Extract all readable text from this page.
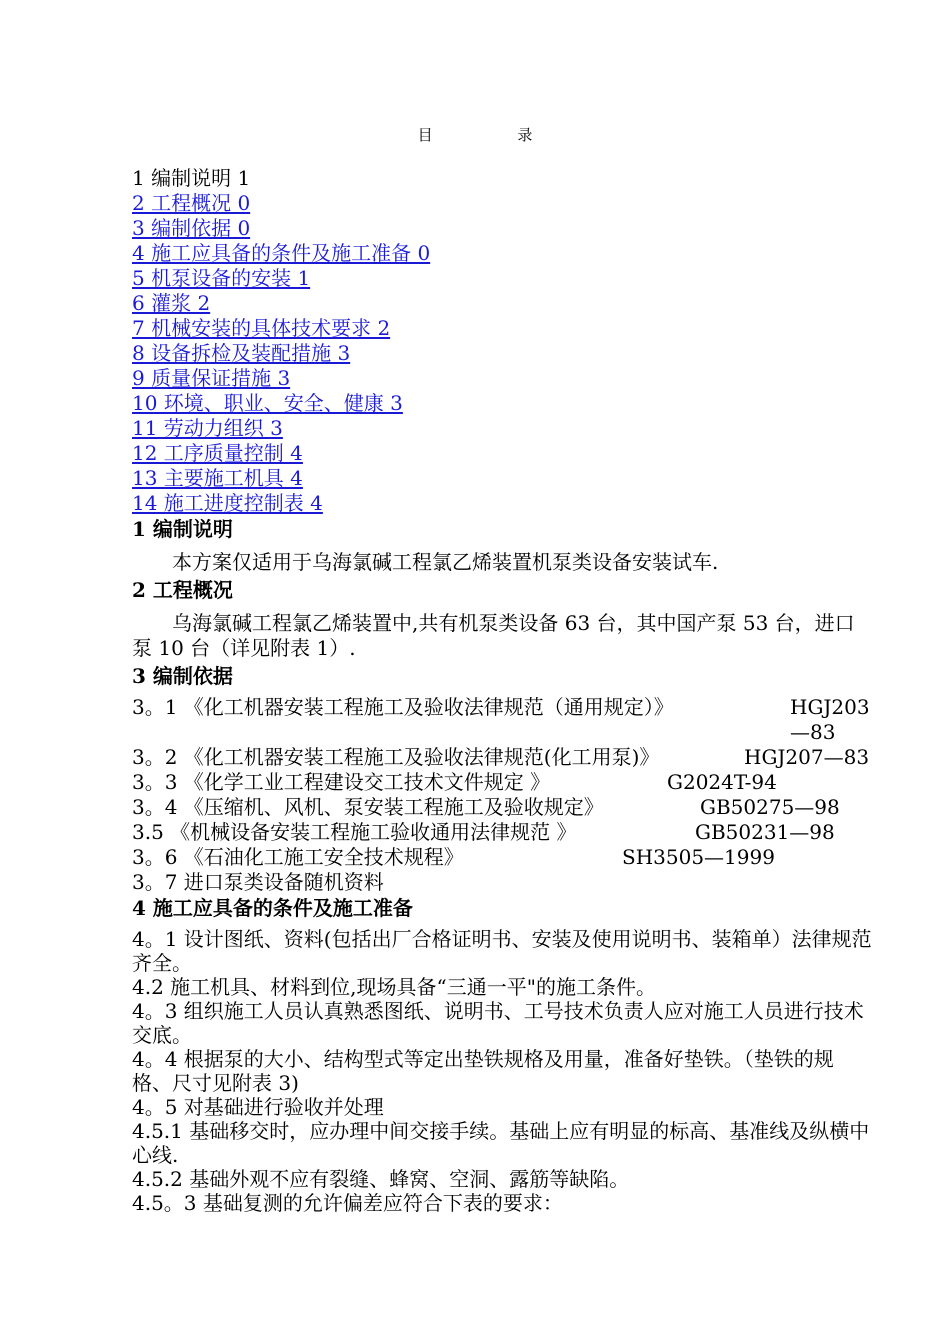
目 录
1 编制说明 1
2 工程概况 0
3 编制依据 0
4 施工应具备的条件及施工准备 0
5 机泵设备的安装 1
6 灌浆 2
7 机械安装的具体技术要求 2
8 设备拆检及装配措施 3
9 质量保证措施 3
10 环境、职业、安全、健康 3
11 劳动力组织 3
12 工序质量控制 4
13 主要施工机具 4
14 施工进度控制表 4
1 编制说明

本方案仅适用于乌海氯碱工程氯乙烯装置机泵类设备安装试车.

2 工程概况

乌海氯碱工程氯乙烯装置中,共有机泵类设备 63 台，其中国产泵 53 台，进口泵 10 台（详见附表 1）.

3 编制依据
3。1 《化工机器安装工程施工及验收法律规范（通用规定）》	HGJ203—83
3。2 《化工机器安装工程施工及验收法律规范(化工用泵)》	HGJ207—83
3。3 《化学工业工程建设交工技术文件规定 》	G2024T-94
3。4 《压缩机、风机、泵安装工程施工及验收规定》	GB50275—98
3.5 《机械设备安装工程施工验收通用法律规范 》	GB50231—98
3。6 《石油化工施工安全技术规程》	SH3505—1999
3。7 进口泵类设备随机资料
4 施工应具备的条件及施工准备

4。1 设计图纸、资料(包括出厂合格证明书、安装及使用说明书、装箱单）法律规范齐全。

4.2 施工机具、材料到位,现场具备“三通一平"的施工条件。

4。3 组织施工人员认真熟悉图纸、说明书、工号技术负责人应对施工人员进行技术交底。

4。4 根据泵的大小、结构型式等定出垫铁规格及用量，准备好垫铁。（垫铁的规格、尺寸见附表 3)

4。5 对基础进行验收并处理

4.5.1 基础移交时，应办理中间交接手续。基础上应有明显的标高、基准线及纵横中心线.

4.5.2 基础外观不应有裂缝、蜂窝、空洞、露筋等缺陷。

4.5。3 基础复测的允许偏差应符合下表的要求：
